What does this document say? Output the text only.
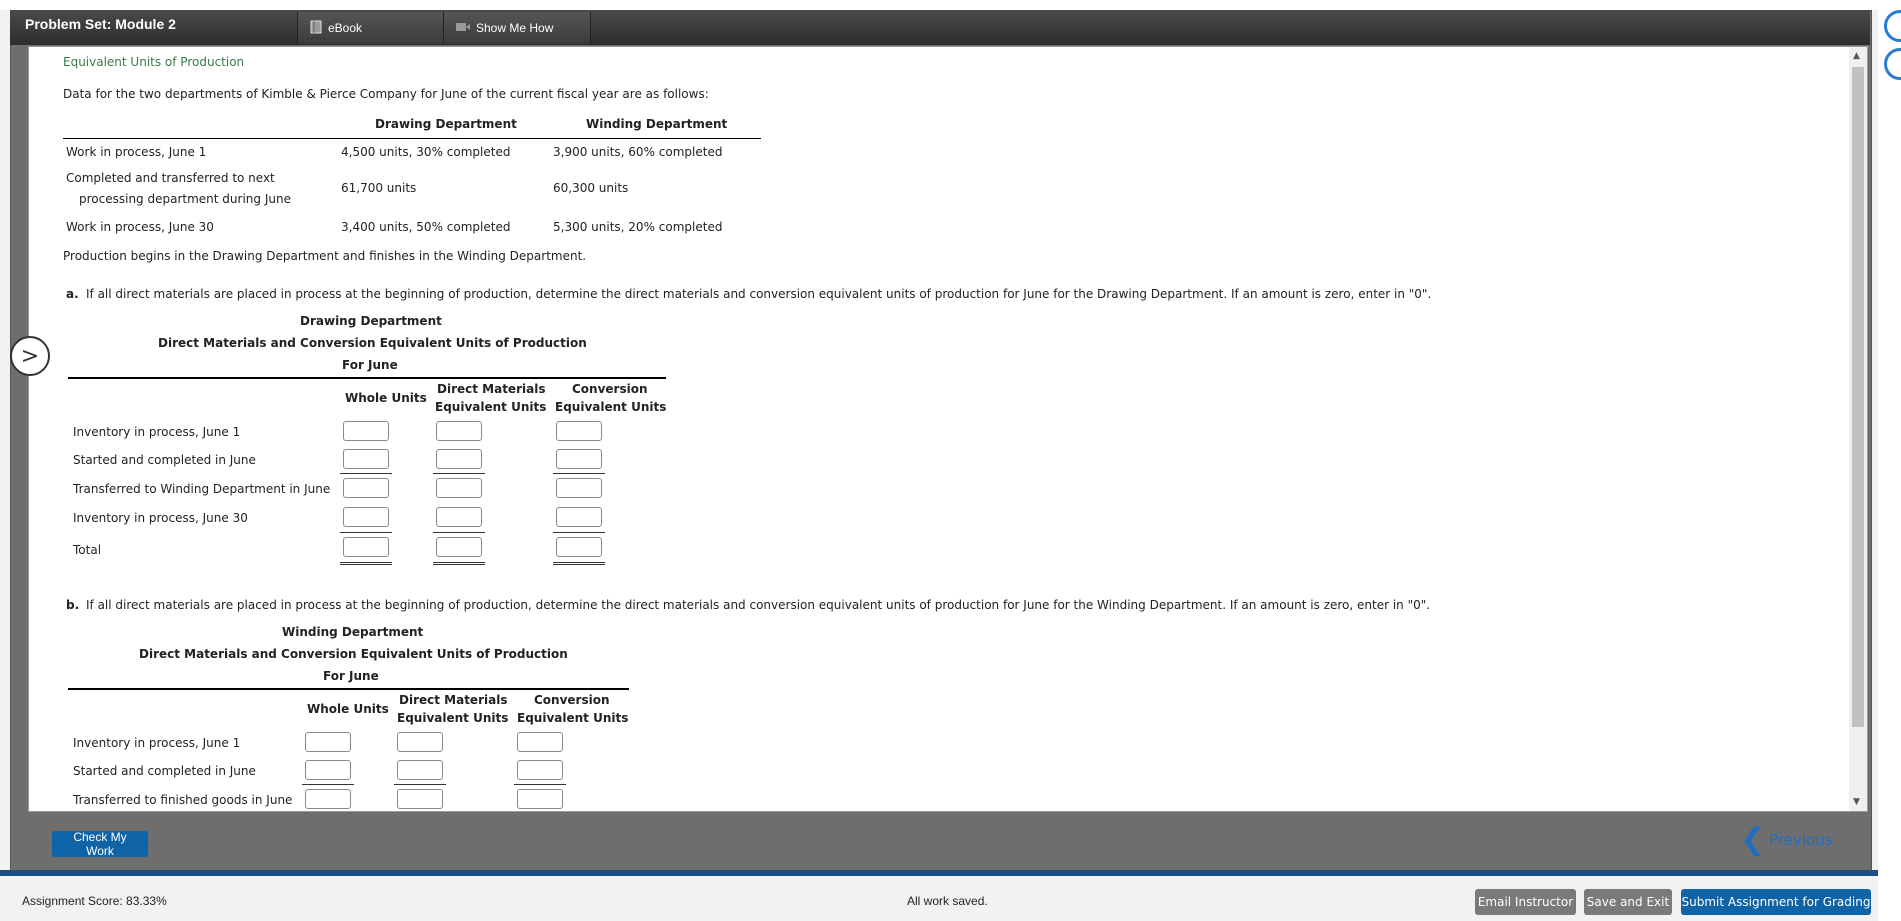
Problem Set: Module 2	eBook	Show Me How
Equivalent Units of Production
Data for the two departments of Kimble & Pierce Company for June of the current fiscal year are as follows:
Drawing Department	Winding Department
Work in process, June 1	4,500 units, 30% completed	3,900 units, 60% completed
Completed and transferred to next
processing department during June
61,700 units	60,300 units
Work in process, June 30	3,400 units, 50% completed	5,300 units, 20% completed
Production begins in the Drawing Department and finishes in the Winding Department.
a. If all direct materials are placed in process at the beginning of production, determine the direct materials and conversion equivalent units of production for June for the Drawing Department. If an amount is zero, enter in "0".
Drawing Department
Direct Materials and Conversion Equivalent Units of Production
For June
Whole Units
Direct Materials
Equivalent Units
Conversion
Equivalent Units
Inventory in process, June 1
Started and completed in June
Transferred to Winding Department in June
Inventory in process, June 30
Total
b. If all direct materials are placed in process at the beginning of production, determine the direct materials and conversion equivalent units of production for June for the Winding Department. If an amount is zero, enter in "0".
Winding Department
Direct Materials and Conversion Equivalent Units of Production
For June
Whole Units
Direct Materials
Equivalent Units
Conversion
Equivalent Units
Inventory in process, June 1
Started and completed in June
Transferred to finished goods in June
▲
▼
>
Check My Work	❮ Previous
Assignment Score: 83.33%	All work saved.	Email Instructor Save and Exit Submit Assignment for Grading
